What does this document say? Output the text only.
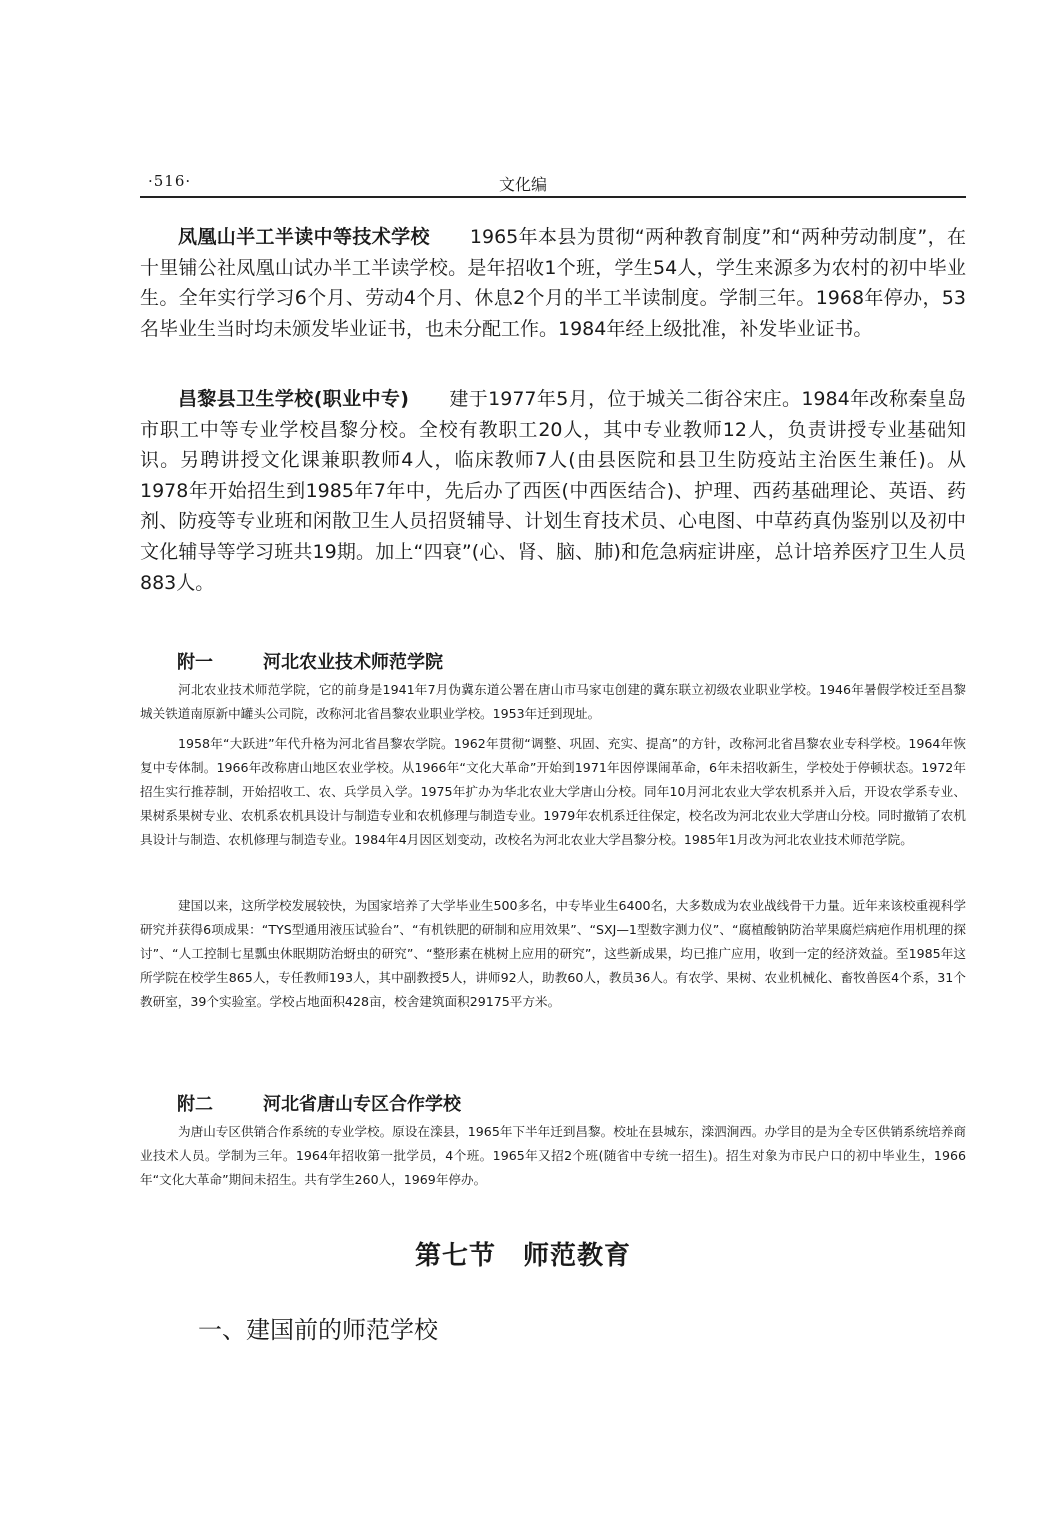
·516·	文化编
凤凰山半工半读中等技术学校 1965年本县为贯彻“两种教育制度”和“两种劳动制度”，在十里铺公社凤凰山试办半工半读学校。是年招收1个班，学生54人，学生来源多为农村的初中毕业生。全年实行学习6个月、劳动4个月、休息2个月的半工半读制度。学制三年。1968年停办，53名毕业生当时均未颁发毕业证书，也未分配工作。1984年经上级批准，补发毕业证书。
昌黎县卫生学校(职业中专) 建于1977年5月，位于城关二街谷宋庄。1984年改称秦皇岛市职工中等专业学校昌黎分校。全校有教职工20人，其中专业教师12人，负责讲授专业基础知识。另聘讲授文化课兼职教师4人，临床教师7人(由县医院和县卫生防疫站主治医生兼任)。从1978年开始招生到1985年7年中，先后办了西医(中西医结合)、护理、西药基础理论、英语、药剂、防疫等专业班和闲散卫生人员招贤辅导、计划生育技术员、心电图、中草药真伪鉴别以及初中文化辅导等学习班共19期。加上“四衰”(心、肾、脑、肺)和危急病症讲座，总计培养医疗卫生人员883人。
附一	河北农业技术师范学院
河北农业技术师范学院，它的前身是1941年7月伪冀东道公署在唐山市马家屯创建的冀东联立初级农业职业学校。1946年暑假学校迁至昌黎城关铁道南原新中罐头公司院，改称河北省昌黎农业职业学校。1953年迁到现址。
1958年“大跃进”年代升格为河北省昌黎农学院。1962年贯彻“调整、巩固、充实、提高”的方针，改称河北省昌黎农业专科学校。1964年恢复中专体制。1966年改称唐山地区农业学校。从1966年“文化大革命”开始到1971年因停课闹革命，6年未招收新生，学校处于停顿状态。1972年招生实行推荐制，开始招收工、农、兵学员入学。1975年扩办为华北农业大学唐山分校。同年10月河北农业大学农机系并入后，开设农学系专业、果树系果树专业、农机系农机具设计与制造专业和农机修理与制造专业。1979年农机系迁往保定，校名改为河北农业大学唐山分校。同时撤销了农机具设计与制造、农机修理与制造专业。1984年4月因区划变动，改校名为河北农业大学昌黎分校。1985年1月改为河北农业技术师范学院。
建国以来，这所学校发展较快，为国家培养了大学毕业生500多名，中专毕业生6400名，大多数成为农业战线骨干力量。近年来该校重视科学研究并获得6项成果：“TYS型通用液压试验台”、“有机铁肥的研制和应用效果”、“SXJ—1型数字测力仪”、“腐植酸钠防治苹果腐烂病疤作用机理的探讨”、“人工控制七星瓢虫休眠期防治蚜虫的研究”、“整形素在桃树上应用的研究”，这些新成果，均已推广应用，收到一定的经济效益。至1985年这所学院在校学生865人，专任教师193人，其中副教授5人，讲师92人，助教60人，教员36人。有农学、果树、农业机械化、畜牧兽医4个系，31个教研室，39个实验室。学校占地面积428亩，校舍建筑面积29175平方米。
附二	河北省唐山专区合作学校
为唐山专区供销合作系统的专业学校。原设在滦县，1965年下半年迁到昌黎。校址在县城东，滦泗涧西。办学目的是为全专区供销系统培养商业技术人员。学制为三年。1964年招收第一批学员，4个班。1965年又招2个班(随省中专统一招生)。招生对象为市民户口的初中毕业生，1966年“文化大革命”期间未招生。共有学生260人，1969年停办。
第七节　师范教育
一、建国前的师范学校
